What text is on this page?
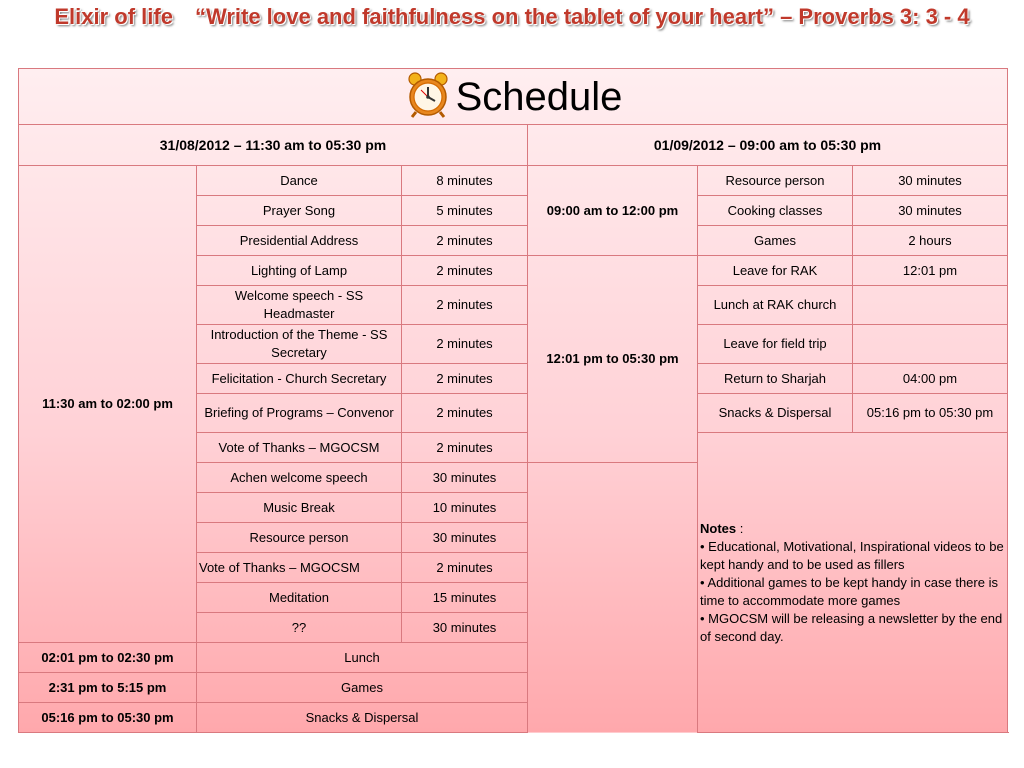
Elixir of life “Write love and faithfulness on the tablet of your heart” – Proverbs 3: 3 - 4
Schedule					

31/08/2012 – 11:30 am to 05:30 pm			01/09/2012 – 09:00 am to 05:30 pm		
11:30 am to 02:00 pm	Dance	8 minutes	09:00 am to 12:00 pm	Resource person	30 minutes
	Prayer Song	5 minutes		Cooking classes	30 minutes
	Presidential Address	2 minutes		Games	2 hours
	Lighting of Lamp	2 minutes	12:01 pm to 05:30 pm	Leave for RAK	12:01 pm
	Welcome speech - SS Headmaster	2 minutes		Lunch at RAK church	
	Introduction of the Theme - SS Secretary	2 minutes		Leave for field trip	
	Felicitation - Church Secretary	2 minutes		Return to Sharjah	04:00 pm
	Briefing of Programs – Convenor	2 minutes		Snacks & Dispersal	05:16 pm to 05:30 pm
	Vote of Thanks – MGOCSM	2 minutes		Notes :
• Educational, Motivational, Inspirational videos to be kept handy and to be used as fillers
• Additional games to be kept handy in case there is time to accommodate more games
• MGOCSM will be releasing a newsletter by the end of second day.	

	Achen welcome speech	30 minutes			
	Music Break	10 minutes			
	Resource person	30 minutes			
	Vote of Thanks – MGOCSM	2 minutes			
	Meditation	15 minutes			
	??	30 minutes			
02:01 pm to 02:30 pm	Lunch				
2:31 pm to 5:15 pm	Games				
05:16 pm to 05:30 pm	Snacks & Dispersal				
